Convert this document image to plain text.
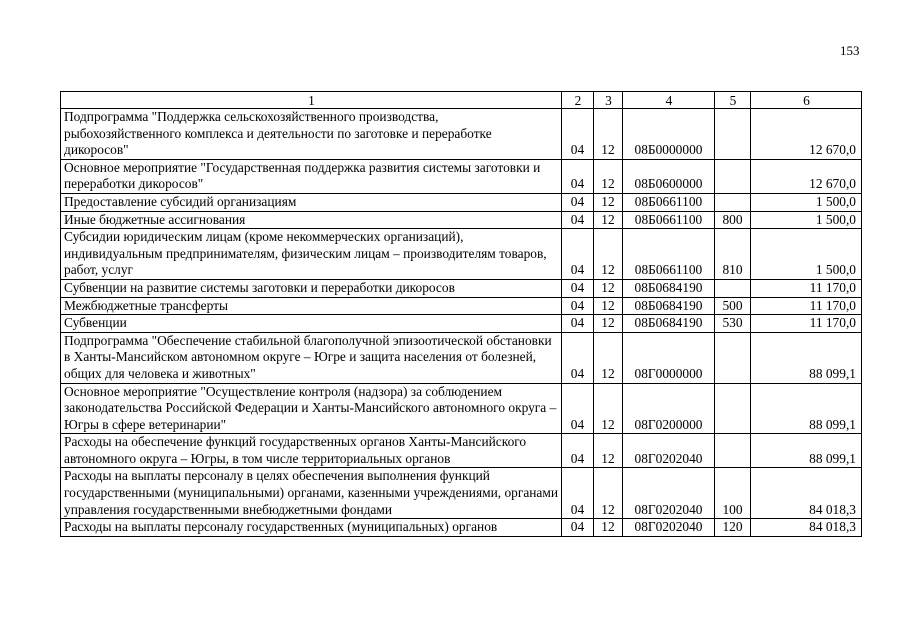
153
1	2	3	4	5	6
Подпрограмма "Поддержка сельскохозяйственного производства, рыбохозяйственного комплекса и деятельности по заготовке и переработке дикоросов"	04	12	08Б0000000		12 670,0
Основное мероприятие "Государственная поддержка развития системы заготовки и переработки дикоросов"	04	12	08Б0600000		12 670,0
Предоставление субсидий организациям	04	12	08Б0661100		1 500,0
Иные бюджетные ассигнования	04	12	08Б0661100	800	1 500,0
Субсидии юридическим лицам (кроме некоммерческих организаций), индивидуальным предпринимателям, физическим лицам – производителям товаров, работ, услуг	04	12	08Б0661100	810	1 500,0
Субвенции на развитие системы заготовки и переработки дикоросов	04	12	08Б0684190		11 170,0
Межбюджетные трансферты	04	12	08Б0684190	500	11 170,0
Субвенции	04	12	08Б0684190	530	11 170,0
Подпрограмма "Обеспечение стабильной благополучной эпизоотической обстановки в Ханты-Мансийском автономном округе – Югре и защита населения от болезней, общих для человека и животных"	04	12	08Г0000000		88 099,1
Основное мероприятие "Осуществление контроля (надзора) за соблюдением законодательства Российской Федерации и Ханты-Мансийского автономного округа – Югры в сфере ветеринарии"	04	12	08Г0200000		88 099,1
Расходы на обеспечение функций государственных органов Ханты-Мансийского автономного округа – Югры, в том числе территориальных органов	04	12	08Г0202040		88 099,1
Расходы на выплаты персоналу в целях обеспечения выполнения функций государственными (муниципальными) органами, казенными учреждениями, органами управления государственными внебюджетными фондами	04	12	08Г0202040	100	84 018,3
Расходы на выплаты персоналу государственных (муниципальных) органов	04	12	08Г0202040	120	84 018,3
